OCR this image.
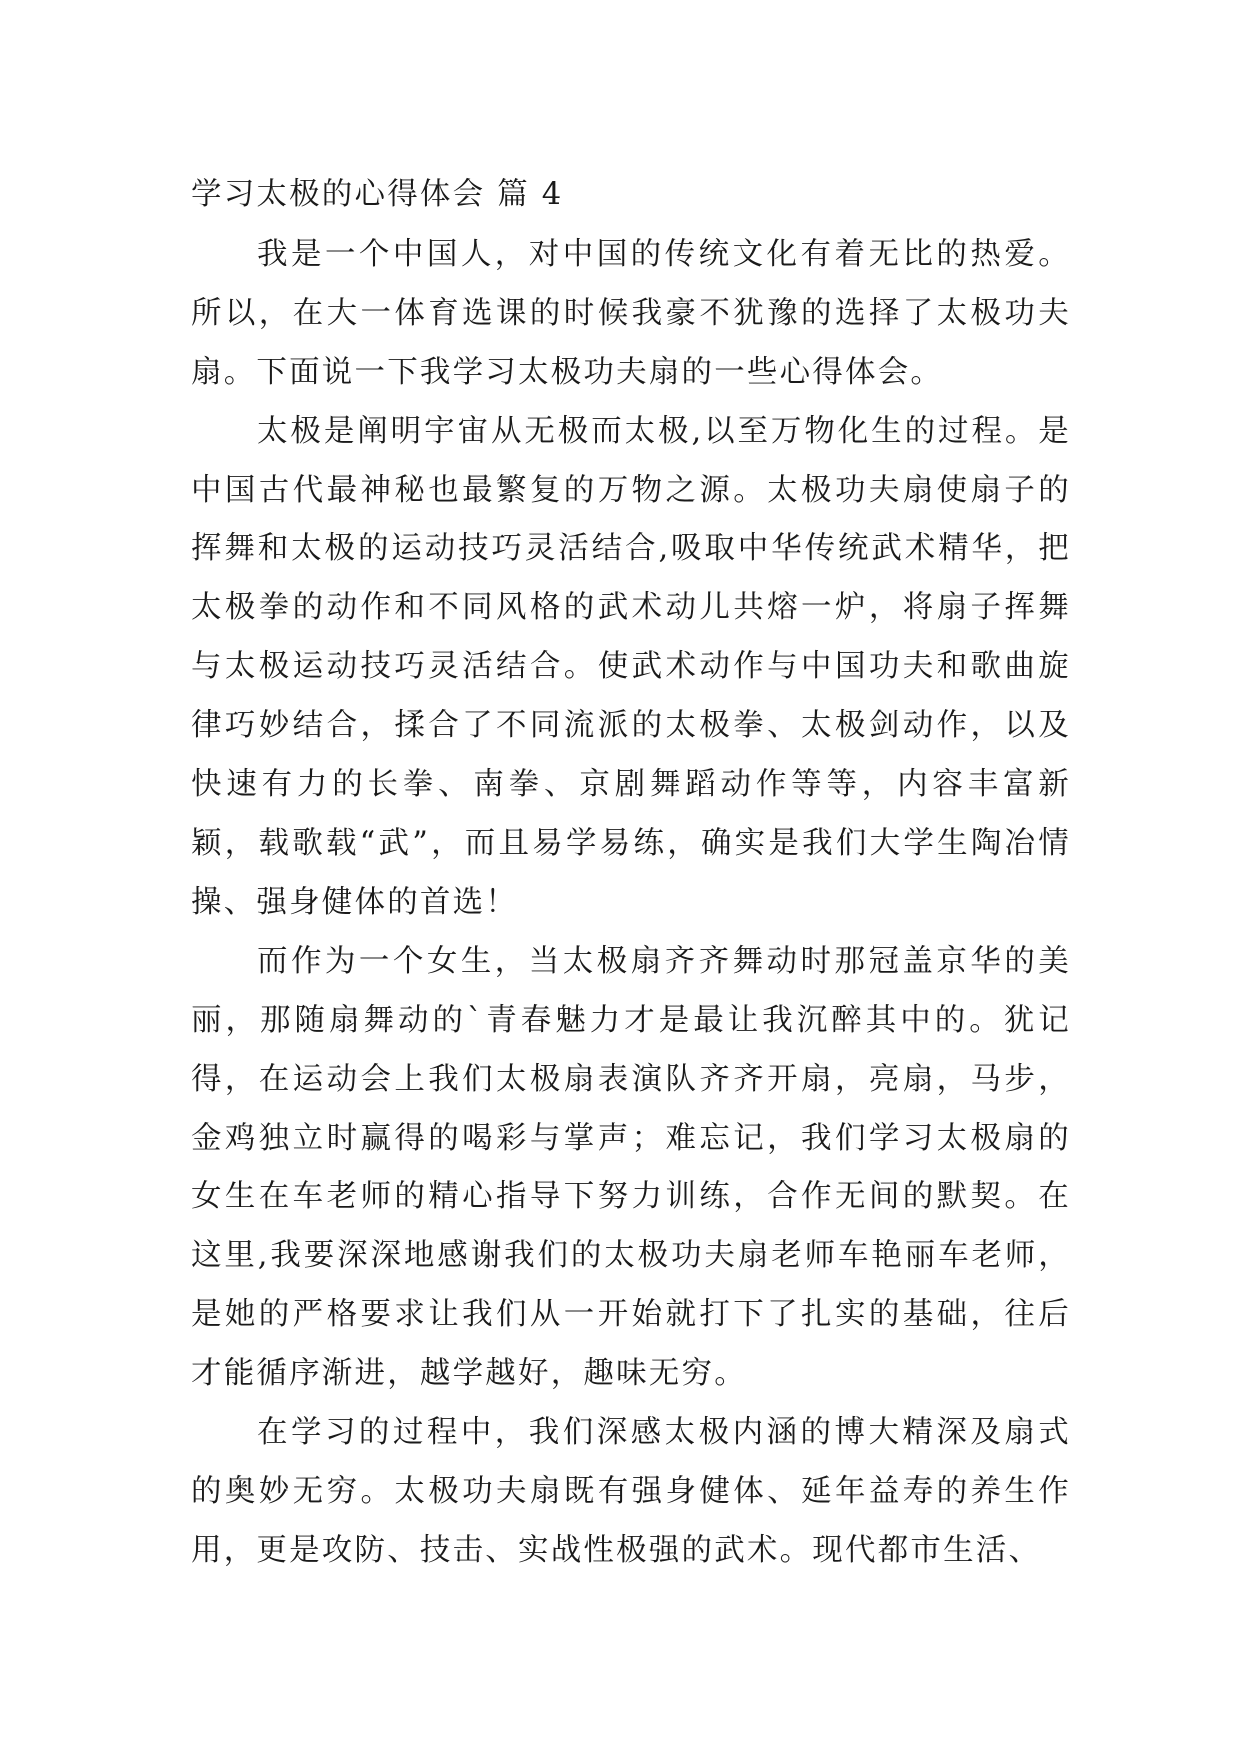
学习太极的心得体会 篇 4

我是一个中国人，对中国的传统文化有着无比的热爱。所以，在大一体育选课的时候我豪不犹豫的选择了太极功夫扇。下面说一下我学习太极功夫扇的一些心得体会。

太极是阐明宇宙从无极而太极,以至万物化生的过程。是中国古代最神秘也最繁复的万物之源。太极功夫扇使扇子的挥舞和太极的运动技巧灵活结合,吸取中华传统武术精华，把太极拳的动作和不同风格的武术动儿共熔一炉，将扇子挥舞与太极运动技巧灵活结合。使武术动作与中国功夫和歌曲旋律巧妙结合，揉合了不同流派的太极拳、太极剑动作，以及快速有力的长拳、南拳、京剧舞蹈动作等等，内容丰富新颖，载歌载“武”，而且易学易练，确实是我们大学生陶冶情操、强身健体的首选！

而作为一个女生，当太极扇齐齐舞动时那冠盖京华的美丽，那随扇舞动的`青春魅力才是最让我沉醉其中的。犹记得，在运动会上我们太极扇表演队齐齐开扇，亮扇，马步，金鸡独立时赢得的喝彩与掌声；难忘记，我们学习太极扇的女生在车老师的精心指导下努力训练，合作无间的默契。在这里,我要深深地感谢我们的太极功夫扇老师车艳丽车老师，是她的严格要求让我们从一开始就打下了扎实的基础，往后才能循序渐进，越学越好，趣味无穷。

在学习的过程中，我们深感太极内涵的博大精深及扇式的奥妙无穷。太极功夫扇既有强身健体、延年益寿的养生作用，更是攻防、技击、实战性极强的武术。现代都市生活、
